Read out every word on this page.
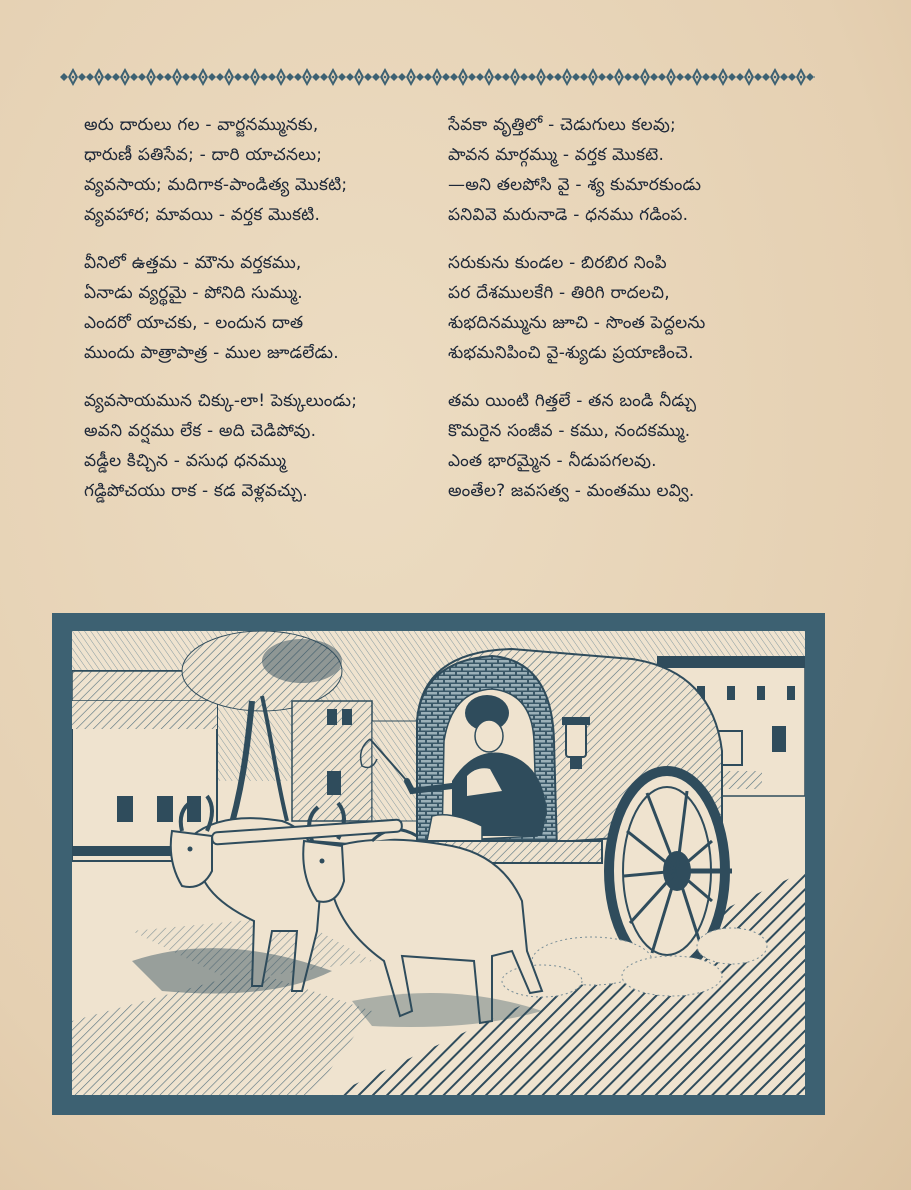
అరు దారులు గల - వార్జనమ్మునకు,
ధారుణీ పతిసేవ; - దారి యాచనలు;
వ్యవసాయ; మదిగాక-పాండిత్య మొకటి;
వ్యవహార; మావయి - వర్తక మొకటి.
వీనిలో ఉత్తమ - మౌను వర్తకము,
ఏనాడు వ్యర్థమై - పోనిది సుమ్ము.
ఎందరో యాచకు, - లందున దాత
ముందు పాత్రాపాత్ర - ముల జూడలేడు.
వ్యవసాయమున చిక్కు-లా! పెక్కులుండు;
అవని వర్షము లేక - అది చెడిపోవు.
వడ్డీల కిచ్చిన - వసుధ ధనమ్ము
గడ్డిపోచయు రాక - కడ వెళ్లవచ్చు.
సేవకా వృత్తిలో - చెడుగులు కలవు;
పావన మార్గమ్ము - వర్తక మొకటె.
—అని తలపోసి వై - శ్య కుమారకుండు
పనివివె మరునాడె - ధనము గడింప.
సరుకును కుండల - బిరబిర నింపి
పర దేశములకేగి - తిరిగి రాదలచి,
శుభదినమ్మును జూచి - సొంత పెద్దలను
శుభమనిపించి వై-శ్యుడు ప్రయాణించె.
తమ యింటి గిత్తలే - తన బండి నీడ్చు
కొమరైన సంజీవ - కము, నందకమ్ము.
ఎంత భారమ్మైన - నీడుపగలవు.
అంతేల? జవసత్వ - మంతము లవ్వి.
